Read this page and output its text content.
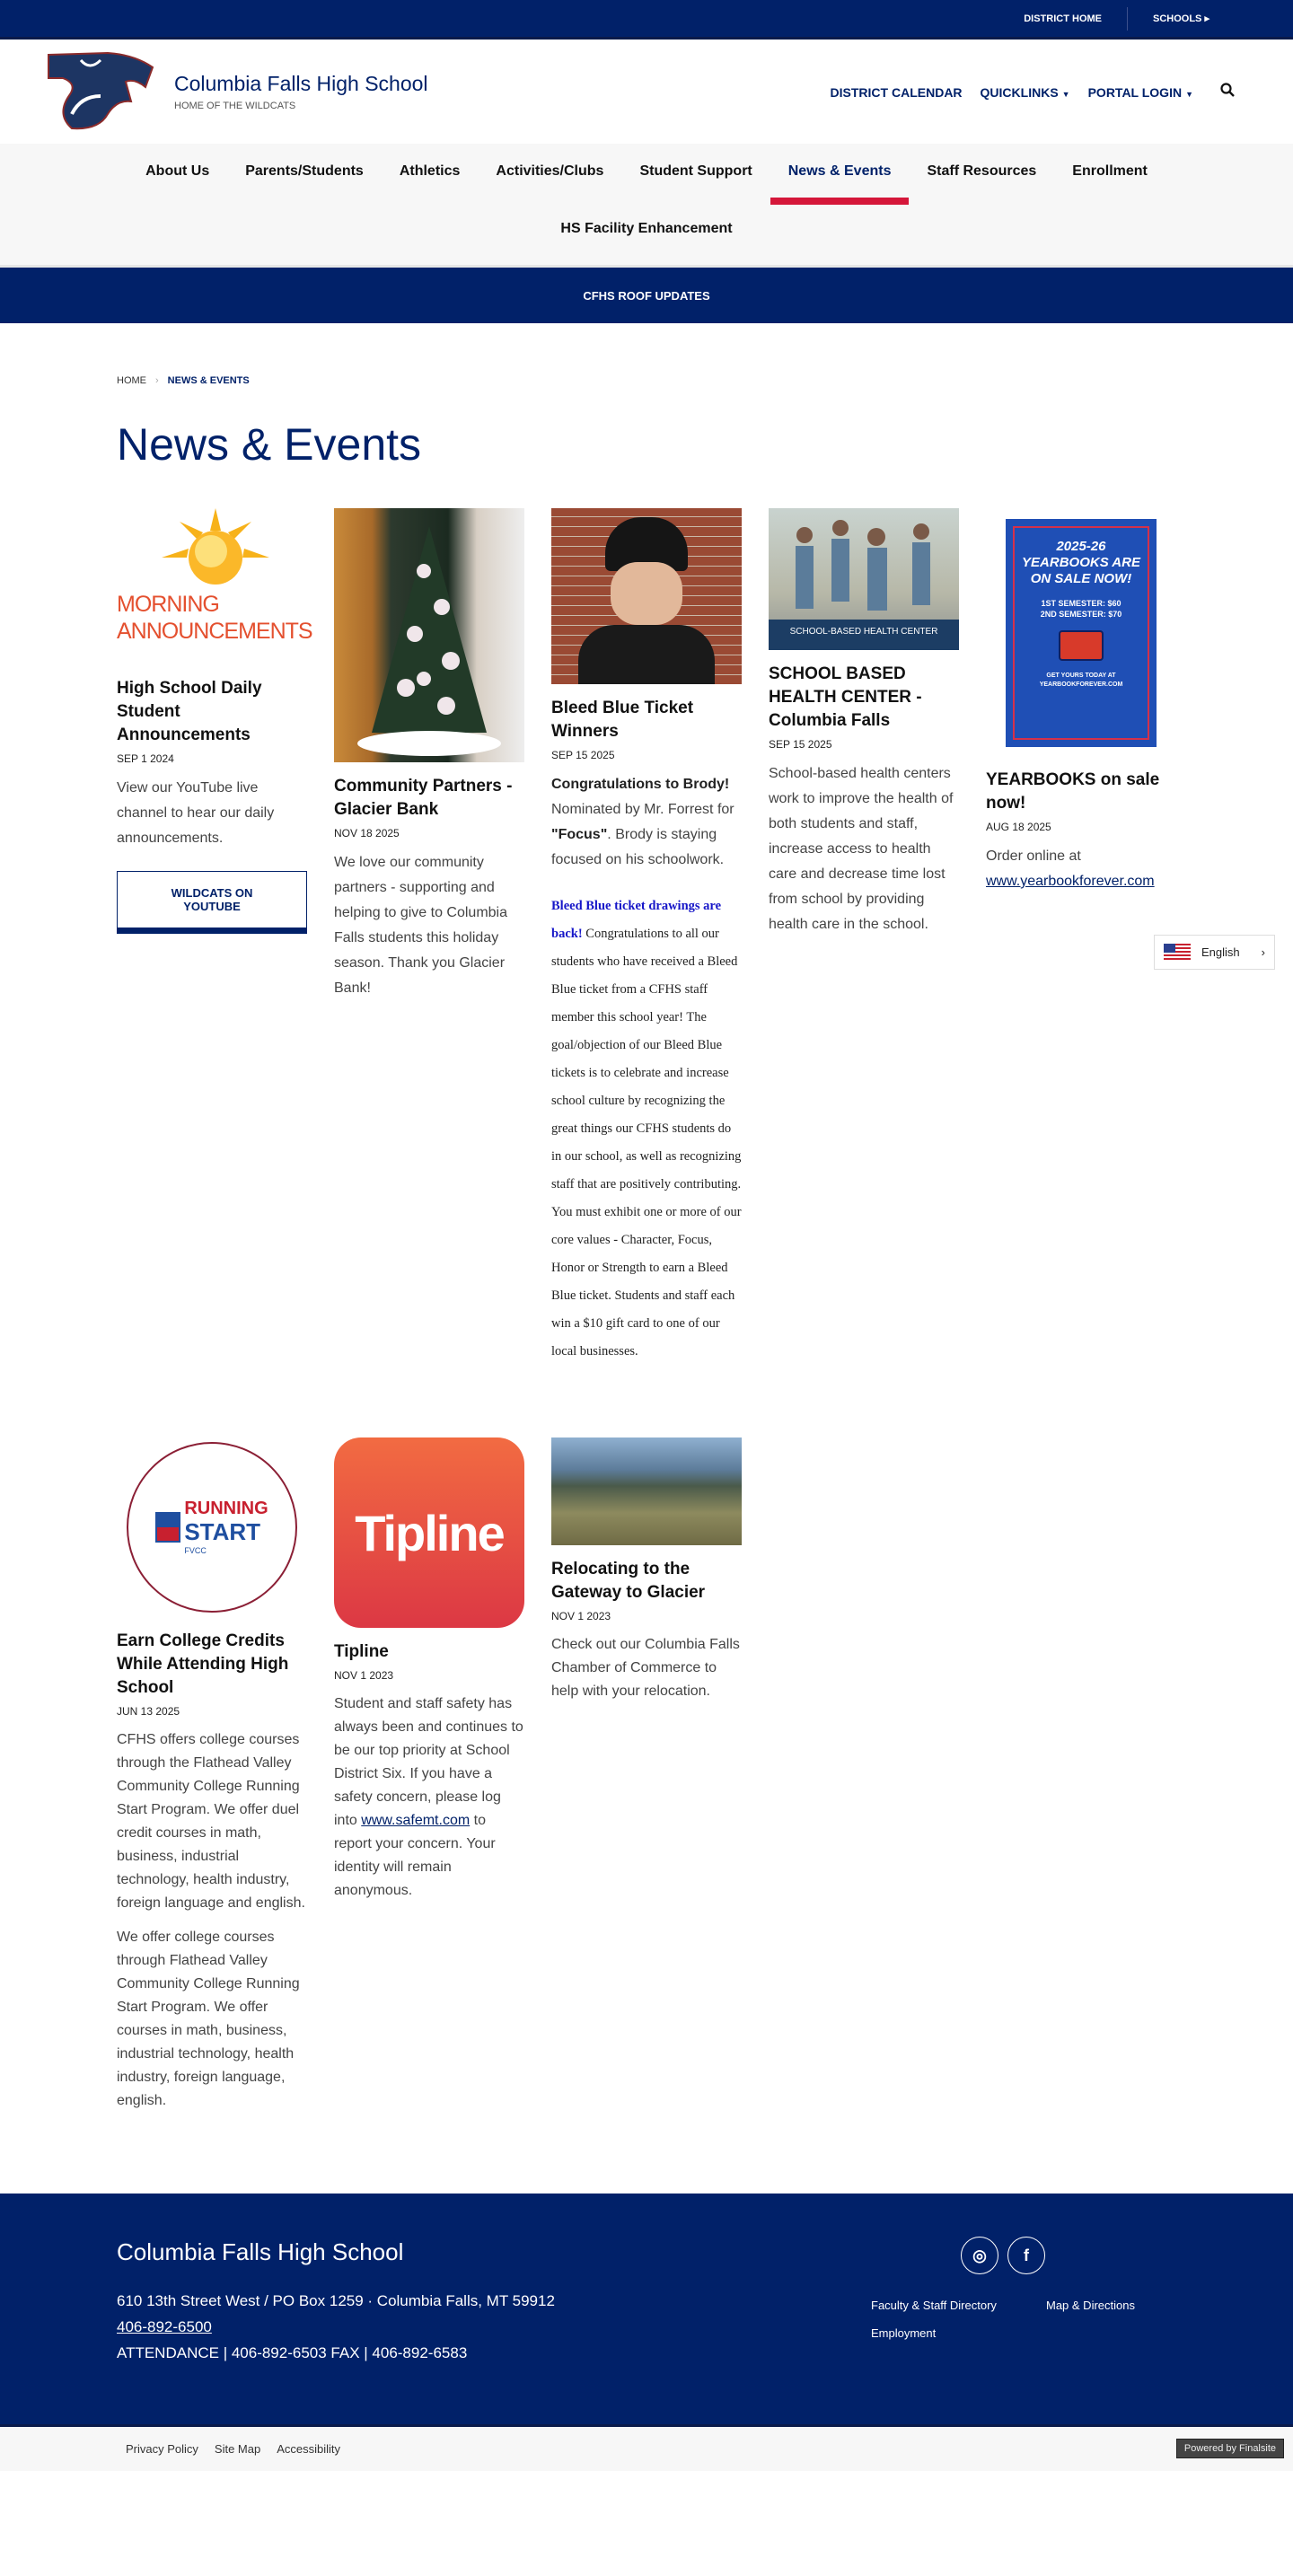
DISTRICT HOME	SCHOOLS ▸
Columbia Falls High School
HOME OF THE WILDCATS
DISTRICT CALENDAR QUICKLINKS ▼ PORTAL LOGIN ▼
About Us	Parents/Students	Athletics	Activities/Clubs	Student Support	News & Events	Staff Resources	Enrollment
HS Facility Enhancement
CFHS ROOF UPDATES
HOME › NEWS & EVENTS
News & Events
MORNING
ANNOUNCEMENTS
High School Daily Student Announcements
SEP 1 2024

View our YouTube live channel to hear our daily announcements.

WILDCATS ON YOUTUBE
Community Partners - Glacier Bank
NOV 18 2025

We love our community partners - supporting and helping to give to Columbia Falls students this holiday season. Thank you Glacier Bank!

Bleed Blue Ticket Winners
SEP 15 2025

Congratulations to Brody! Nominated by Mr. Forrest for "Focus". Brody is staying focused on his schoolwork.

Bleed Blue ticket drawings are back! Congratulations to all our students who have received a Bleed Blue ticket from a CFHS staff member this school year! The goal/objection of our Bleed Blue tickets is to celebrate and increase school culture by recognizing the great things our CFHS students do in our school, as well as recognizing staff that are positively contributing. You must exhibit one or more of our core values - Character, Focus, Honor or Strength to earn a Bleed Blue ticket. Students and staff each win a $10 gift card to one of our local businesses.

SCHOOL-BASED HEALTH CENTER
SCHOOL BASED HEALTH CENTER - Columbia Falls
SEP 15 2025

School-based health centers work to improve the health of both students and staff, increase access to health care and decrease time lost from school by providing health care in the school.

2025-26 YEARBOOKS ARE ON SALE NOW!
1ST SEMESTER: $60
2ND SEMESTER: $70
GET YOURS TODAY AT YEARBOOKFOREVER.COM
YEARBOOKS on sale now!
AUG 18 2025

Order online at
www.yearbookforever.com

RUNNING
START
FVCC
Earn College Credits While Attending High School
JUN 13 2025

CFHS offers college courses through the Flathead Valley Community College Running Start Program. We offer duel credit courses in math, business, industrial technology, health industry, foreign language and english.

We offer college courses through Flathead Valley Community College Running Start Program. We offer courses in math, business, industrial technology, health industry, foreign language, english.

Tipline
Tipline
NOV 1 2023

Student and staff safety has always been and continues to be our top priority at School District Six. If you have a safety concern, please log into www.safemt.com to report your concern. Your identity will remain anonymous.

Relocating to the Gateway to Glacier
NOV 1 2023

Check out our Columbia Falls Chamber of Commerce to help with your relocation.

English ›
Columbia Falls High School
610 13th Street West / PO Box 1259 · Columbia Falls, MT 59912
406-892-6500
ATTENDANCE | 406-892-6503 FAX | 406-892-6583
◎	f
Faculty & Staff Directory	Map & Directions
Employment
Privacy Policy Site Map Accessibility	Powered by Finalsite
